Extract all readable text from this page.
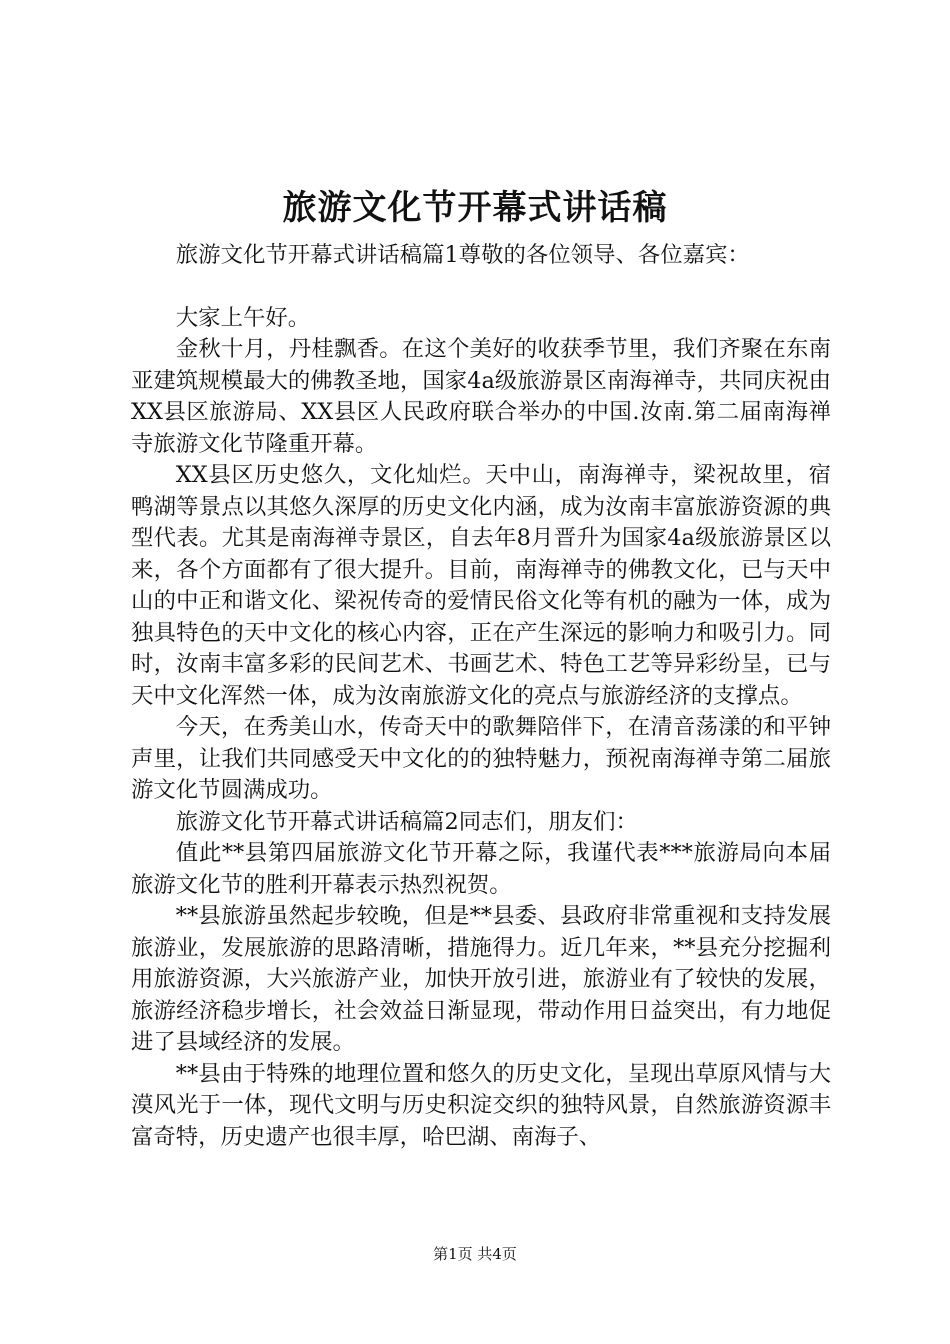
旅游文化节开幕式讲话稿

旅游文化节开幕式讲话稿篇1尊敬的各位领导、各位嘉宾：

大家上午好。

金秋十月，丹桂飘香。在这个美好的收获季节里，我们齐聚在东南亚建筑规模最大的佛教圣地，国家4a级旅游景区南海禅寺，共同庆祝由XX县区旅游局、XX县区人民政府联合举办的中国.汝南.第二届南海禅寺旅游文化节隆重开幕。

XX县区历史悠久，文化灿烂。天中山，南海禅寺，梁祝故里，宿鸭湖等景点以其悠久深厚的历史文化内涵，成为汝南丰富旅游资源的典型代表。尤其是南海禅寺景区，自去年8月晋升为国家4a级旅游景区以来，各个方面都有了很大提升。目前，南海禅寺的佛教文化，已与天中山的中正和谐文化、梁祝传奇的爱情民俗文化等有机的融为一体，成为独具特色的天中文化的核心内容，正在产生深远的影响力和吸引力。同时，汝南丰富多彩的民间艺术、书画艺术、特色工艺等异彩纷呈，已与天中文化浑然一体，成为汝南旅游文化的亮点与旅游经济的支撑点。

今天，在秀美山水，传奇天中的歌舞陪伴下，在清音荡漾的和平钟声里，让我们共同感受天中文化的的独特魅力，预祝南海禅寺第二届旅游文化节圆满成功。

旅游文化节开幕式讲话稿篇2同志们，朋友们：

值此**县第四届旅游文化节开幕之际，我谨代表***旅游局向本届旅游文化节的胜利开幕表示热烈祝贺。

**县旅游虽然起步较晚，但是**县委、县政府非常重视和支持发展旅游业，发展旅游的思路清晰，措施得力。近几年来，**县充分挖掘利用旅游资源，大兴旅游产业，加快开放引进，旅游业有了较快的发展，旅游经济稳步增长，社会效益日渐显现，带动作用日益突出，有力地促进了县域经济的发展。

**县由于特殊的地理位置和悠久的历史文化，呈现出草原风情与大漠风光于一体，现代文明与历史积淀交织的独特风景，自然旅游资源丰富奇特，历史遗产也很丰厚，哈巴湖、南海子、

第1页 共4页
